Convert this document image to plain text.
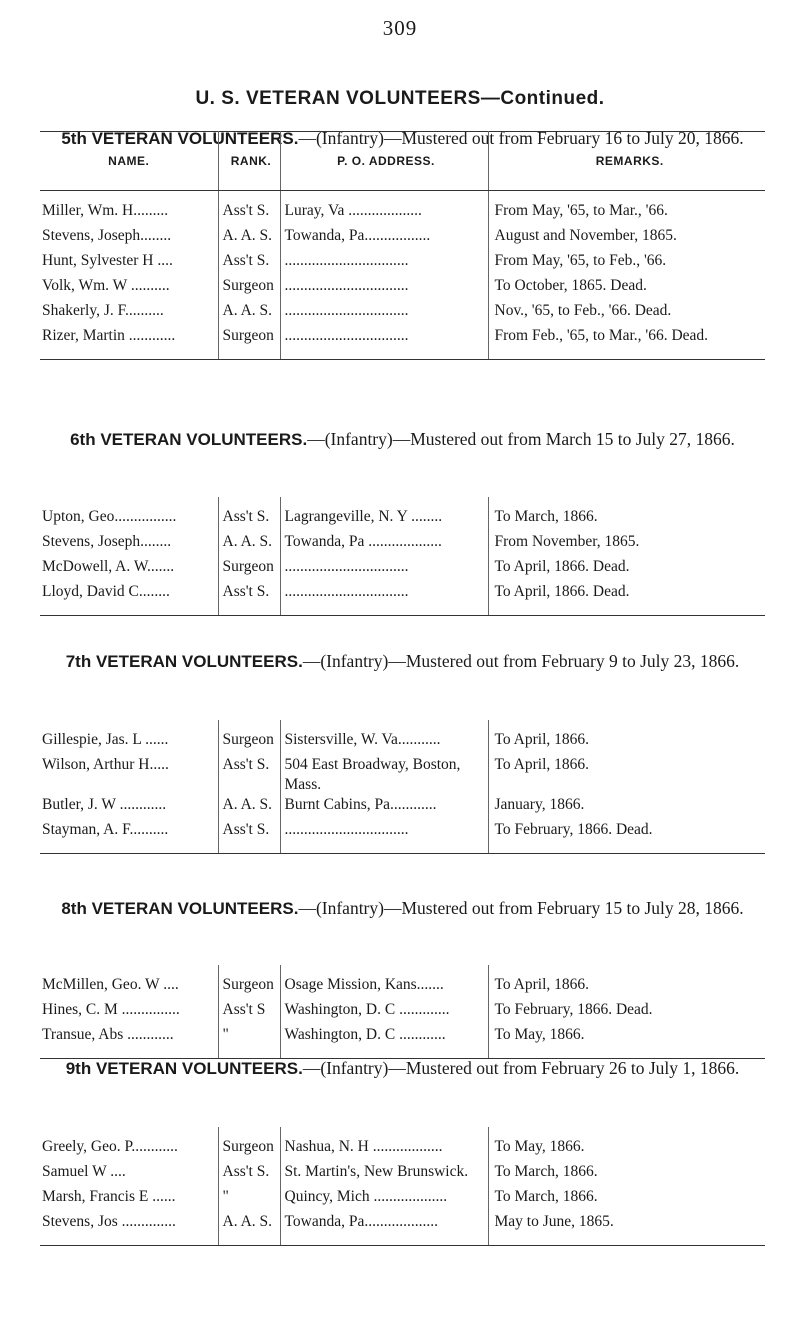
309
U. S. VETERAN VOLUNTEERS—Continued.
5th VETERAN VOLUNTEERS.—(Infantry)—Mustered out from February 16 to July 20, 1866.
NAME.	RANK.	P. O. ADDRESS.	REMARKS.
Miller, Wm. H.........	Ass't S.	Luray, Va ...................	From May, '65, to Mar., '66.
Stevens, Joseph........	A. A. S.	Towanda, Pa.................	August and November, 1865.
Hunt, Sylvester H ....	Ass't S.	................................	From May, '65, to Feb., '66.
Volk, Wm. W ..........	Surgeon	................................	To October, 1865. Dead.
Shakerly, J. F..........	A. A. S.	................................	Nov., '65, to Feb., '66. Dead.
Rizer, Martin ............	Surgeon	................................	From Feb., '65, to Mar., '66. Dead.
6th VETERAN VOLUNTEERS.—(Infantry)—Mustered out from March 15 to July 27, 1866.
Upton, Geo................	Ass't S.	Lagrangeville, N. Y ........	To March, 1866.
Stevens, Joseph........	A. A. S.	Towanda, Pa ...................	From November, 1865.
McDowell, A. W.......	Surgeon	................................	To April, 1866. Dead.
Lloyd, David C........	Ass't S.	................................	To April, 1866. Dead.
7th VETERAN VOLUNTEERS.—(Infantry)—Mustered out from February 9 to July 23, 1866.
Gillespie, Jas. L ......	Surgeon	Sistersville, W. Va...........	To April, 1866.
Wilson, Arthur H.....	Ass't S.	504 East Broadway, Boston, Mass.	To April, 1866.
Butler, J. W ............	A. A. S.	Burnt Cabins, Pa............	January, 1866.
Stayman, A. F..........	Ass't S.	................................	To February, 1866. Dead.
8th VETERAN VOLUNTEERS.—(Infantry)—Mustered out from February 15 to July 28, 1866.
McMillen, Geo. W ....	Surgeon	Osage Mission, Kans.......	To April, 1866.
Hines, C. M ...............	Ass't S	Washington, D. C .............	To February, 1866. Dead.
Transue, Abs ............	"	Washington, D. C ............	To May, 1866.
9th VETERAN VOLUNTEERS.—(Infantry)—Mustered out from February 26 to July 1, 1866.
Greely, Geo. P............	Surgeon	Nashua, N. H ..................	To May, 1866.
Samuel W ....	Ass't S.	St. Martin's, New Brunswick.	To March, 1866.
Marsh, Francis E ......	"	Quincy, Mich ...................	To March, 1866.
Stevens, Jos ..............	A. A. S.	Towanda, Pa...................	May to June, 1865.
